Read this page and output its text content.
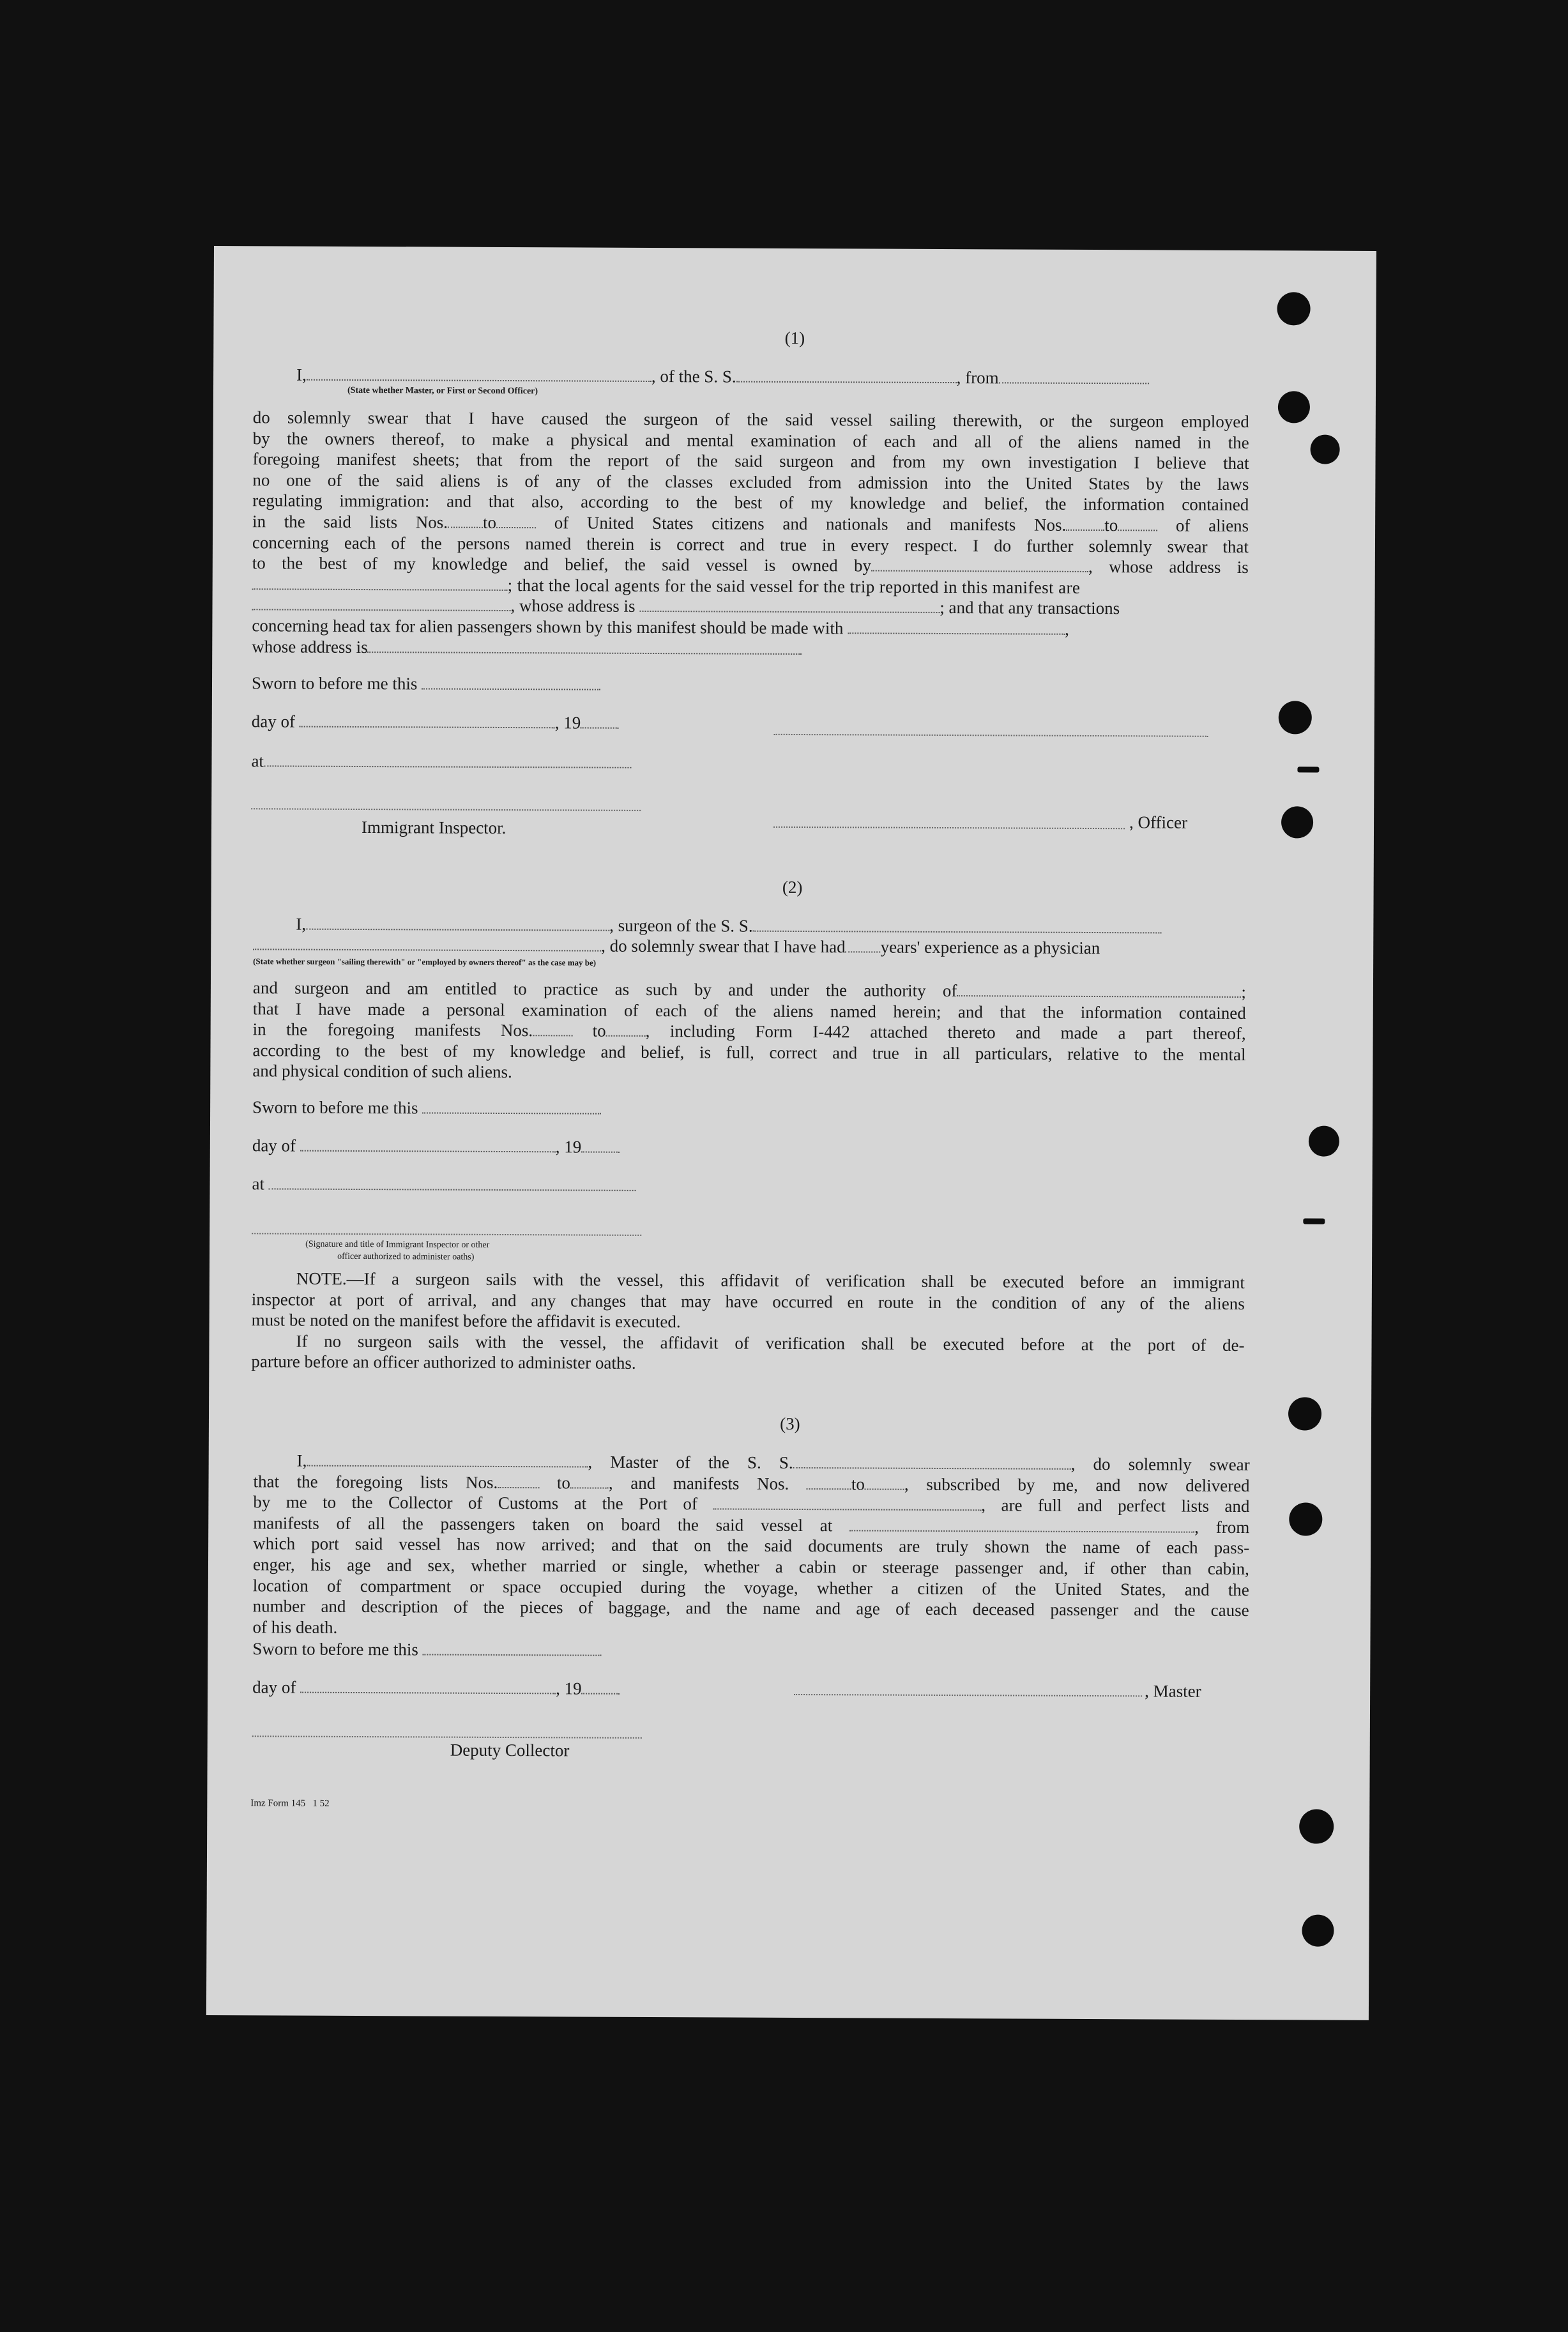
(1)
I,	, of the S. S.	, from
(State whether Master, or First or Second Officer)
do solemnly swear that I have caused the surgeon of the said vessel sailing therewith, or the surgeon employed
by the owners thereof, to make a physical and mental examination of each and all of the aliens named in the
foregoing manifest sheets; that from the report of the said surgeon and from my own investigation I believe that
no one of the said aliens is of any of the classes excluded from admission into the United States by the laws
regulating immigration: and that also, according to the best of my knowledge and belief, the information contained
in the said lists Nos. to	of United States citizens and nationals and manifests Nos. to	of aliens
concerning each of the persons named therein is correct and true in every respect. I do further solemnly swear that
to the best of my knowledge and belief, the said vessel is owned by	, whose address is
; that the local agents for the said vessel for the trip reported in this manifest are
, whose address is	; and that any transactions
concerning head tax for alien passengers shown by this manifest should be made with	,
whose address is
Sworn to before me this
day of	, 19
at
, Officer
Immigrant Inspector.
(2)
I,	, surgeon of the S. S.
, do solemnly swear that I have had years' experience as a physician
(State whether surgeon "sailing therewith" or "employed by owners thereof" as the case may be)
and surgeon and am entitled to practice as such by and under the authority of	;
that I have made a personal examination of each of the aliens named herein; and that the information contained
in the foregoing manifests Nos.	to , including Form I-442 attached thereto and made a part thereof,
according to the best of my knowledge and belief, is full, correct and true in all particulars, relative to the mental
and physical condition of such aliens.
Sworn to before me this
day of	, 19
at
(Signature and title of Immigrant Inspector or other
officer authorized to administer oaths)
NOTE.—If a surgeon sails with the vessel, this affidavit of verification shall be executed before an immigrant
inspector at port of arrival, and any changes that may have occurred en route in the condition of any of the aliens
must be noted on the manifest before the affidavit is executed.
If no surgeon sails with the vessel, the affidavit of verification shall be executed before at the port of de-
parture before an officer authorized to administer oaths.
(3)
I,	, Master of the S. S.	, do solemnly swear
that the foregoing lists Nos.	to , and manifests Nos.	to , subscribed by me, and now delivered
by me to the Collector of Customs at the Port of	, are full and perfect lists and
manifests of all the passengers taken on board the said vessel at	, from
which port said vessel has now arrived; and that on the said documents are truly shown the name of each pass-
enger, his age and sex, whether married or single, whether a cabin or steerage passenger and, if other than cabin,
location of compartment or space occupied during the voyage, whether a citizen of the United States, and the
number and description of the pieces of baggage, and the name and age of each deceased passenger and the cause
of his death.
Sworn to before me this
day of	, 19	, Master
Deputy Collector
Imz Form 145   1 52
